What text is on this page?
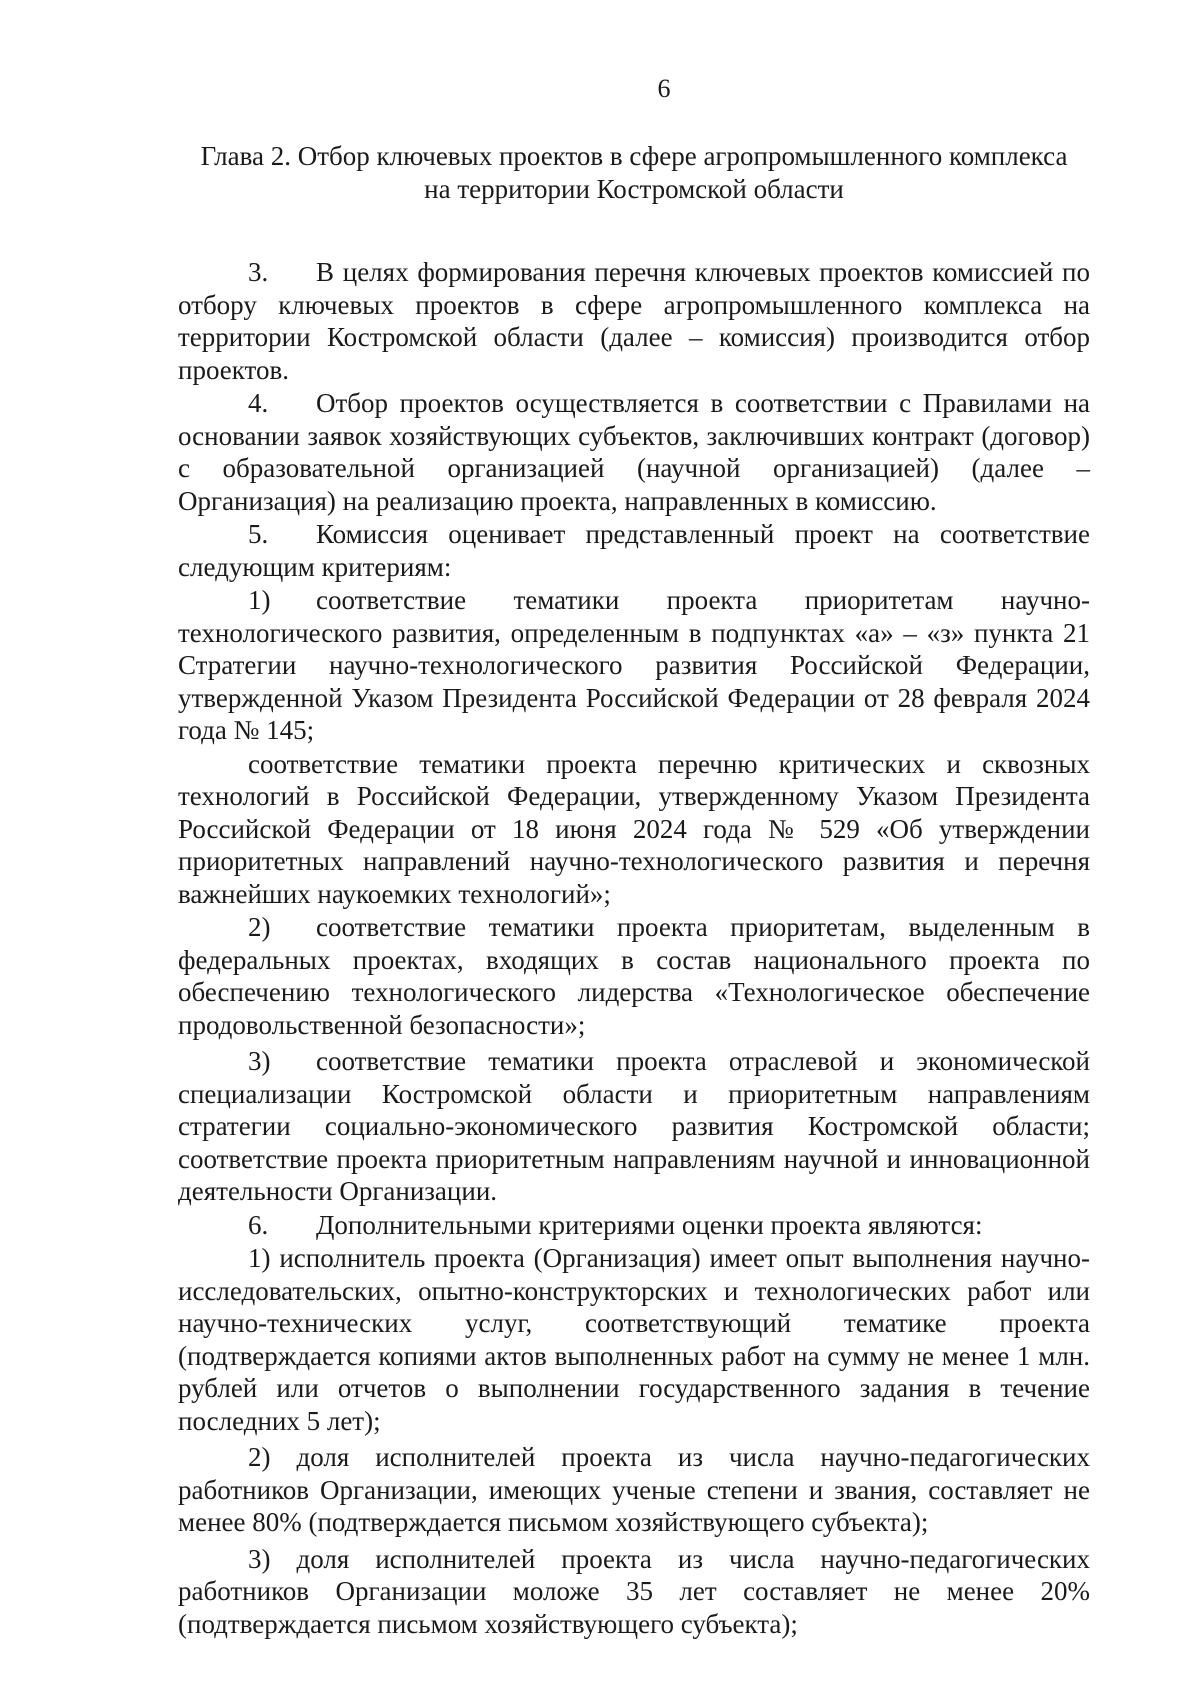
6
Глава 2. Отбор ключевых проектов в сфере агропромышленного комплекса
на территории Костромской области

3. В целях формирования перечня ключевых проектов комиссией по отбору ключевых проектов в сфере агропромышленного комплекса на территории Костромской области (далее – комиссия) производится отбор проектов.

4. Отбор проектов осуществляется в соответствии с Правилами на основании заявок хозяйствующих субъектов, заключивших контракт (договор) с образовательной организацией (научной организацией) (далее – Организация) на реализацию проекта, направленных в комиссию.

5. Комиссия оценивает представленный проект на соответствие следующим критериям:

1) соответствие тематики проекта приоритетам научно-технологического развития, определенным в подпунктах «а» – «з» пункта 21 Стратегии научно-технологического развития Российской Федерации, утвержденной Указом Президента Российской Федерации от 28 февраля 2024 года № 145;

соответствие тематики проекта перечню критических и сквозных технологий в Российской Федерации, утвержденному Указом Президента Российской Федерации от 18 июня 2024 года № 529 «Об утверждении приоритетных направлений научно-технологического развития и перечня важнейших наукоемких технологий»;

2) соответствие тематики проекта приоритетам, выделенным в федеральных проектах, входящих в состав национального проекта по обеспечению технологического лидерства «Технологическое обеспечение продовольственной безопасности»;

3) соответствие тематики проекта отраслевой и экономической специализации Костромской области и приоритетным направлениям стратегии социально-экономического развития Костромской области; соответствие проекта приоритетным направлениям научной и инновационной деятельности Организации.

6. Дополнительными критериями оценки проекта являются:

1) исполнитель проекта (Организация) имеет опыт выполнения научно-исследовательских, опытно-конструкторских и технологических работ или научно-технических услуг, соответствующий тематике проекта (подтверждается копиями актов выполненных работ на сумму не менее 1 млн. рублей или отчетов о выполнении государственного задания в течение последних 5 лет);

2) доля исполнителей проекта из числа научно-педагогических работников Организации, имеющих ученые степени и звания, составляет не менее 80% (подтверждается письмом хозяйствующего субъекта);

3) доля исполнителей проекта из числа научно-педагогических работников Организации моложе 35 лет составляет не менее 20% (подтверждается письмом хозяйствующего субъекта);
